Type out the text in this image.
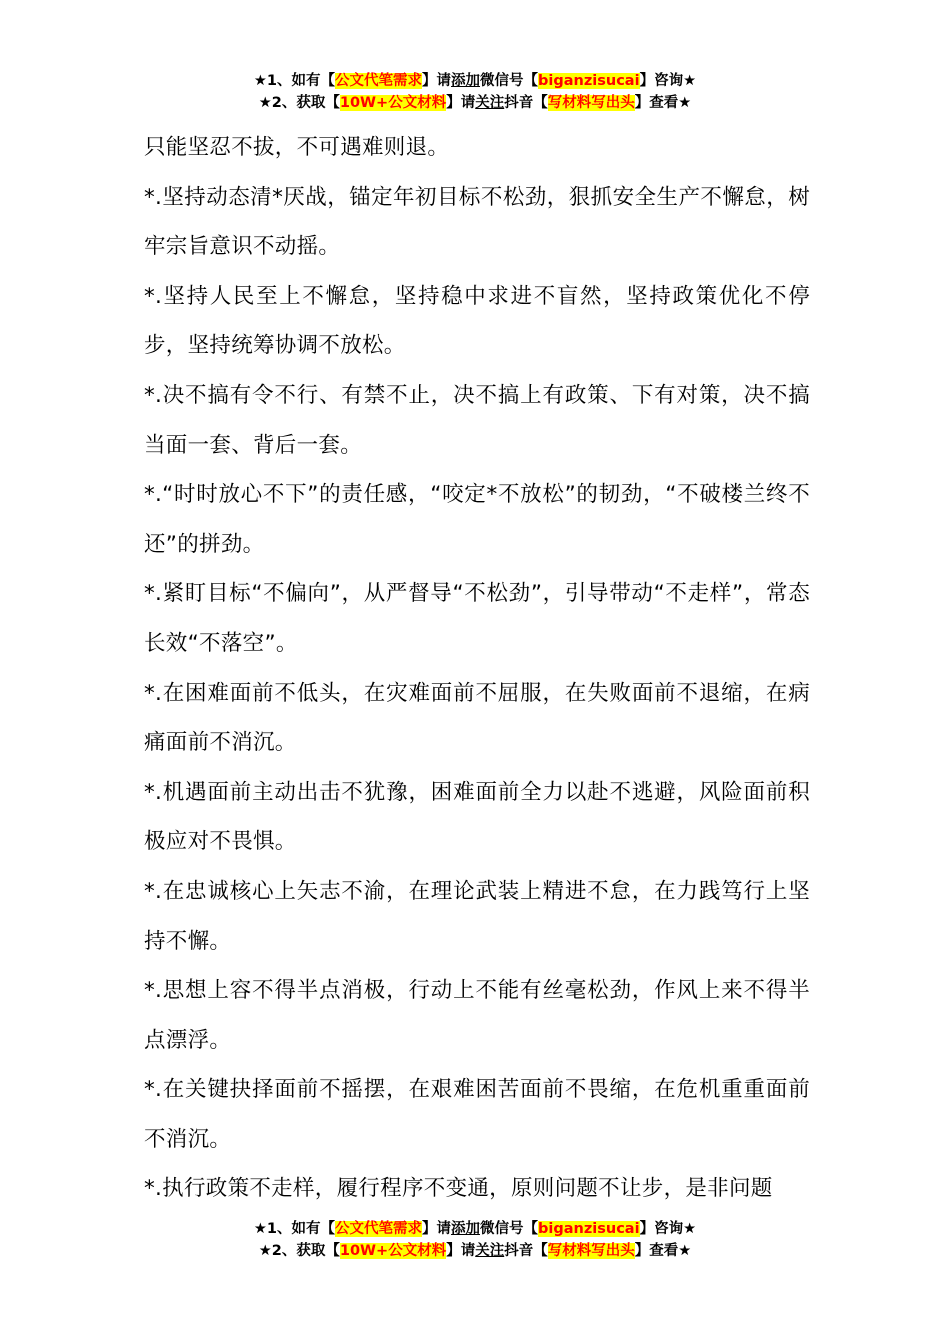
★1、如有【公文代笔需求】请添加微信号【biganzisucai】咨询★
★2、获取【10W+公文材料】请关注抖音【写材料写出头】查看★

只能坚忍不拔，不可遇难则退。

*.坚持动态清*厌战，锚定年初目标不松劲，狠抓安全生产不懈怠，树牢宗旨意识不动摇。

*.坚持人民至上不懈怠，坚持稳中求进不盲然，坚持政策优化不停步，坚持统筹协调不放松。

*.决不搞有令不行、有禁不止，决不搞上有政策、下有对策，决不搞当面一套、背后一套。

*.“时时放心不下”的责任感，“咬定*不放松”的韧劲，“不破楼兰终不还”的拼劲。

*.紧盯目标“不偏向”，从严督导“不松劲”，引导带动“不走样”，常态长效“不落空”。

*.在困难面前不低头，在灾难面前不屈服，在失败面前不退缩，在病痛面前不消沉。

*.机遇面前主动出击不犹豫，困难面前全力以赴不逃避，风险面前积极应对不畏惧。

*.在忠诚核心上矢志不渝，在理论武装上精进不怠，在力践笃行上坚持不懈。

*.思想上容不得半点消极，行动上不能有丝毫松劲，作风上来不得半点漂浮。

*.在关键抉择面前不摇摆，在艰难困苦面前不畏缩，在危机重重面前不消沉。

*.执行政策不走样，履行程序不变通，原则问题不让步，是非问题

★1、如有【公文代笔需求】请添加微信号【biganzisucai】咨询★
★2、获取【10W+公文材料】请关注抖音【写材料写出头】查看★
